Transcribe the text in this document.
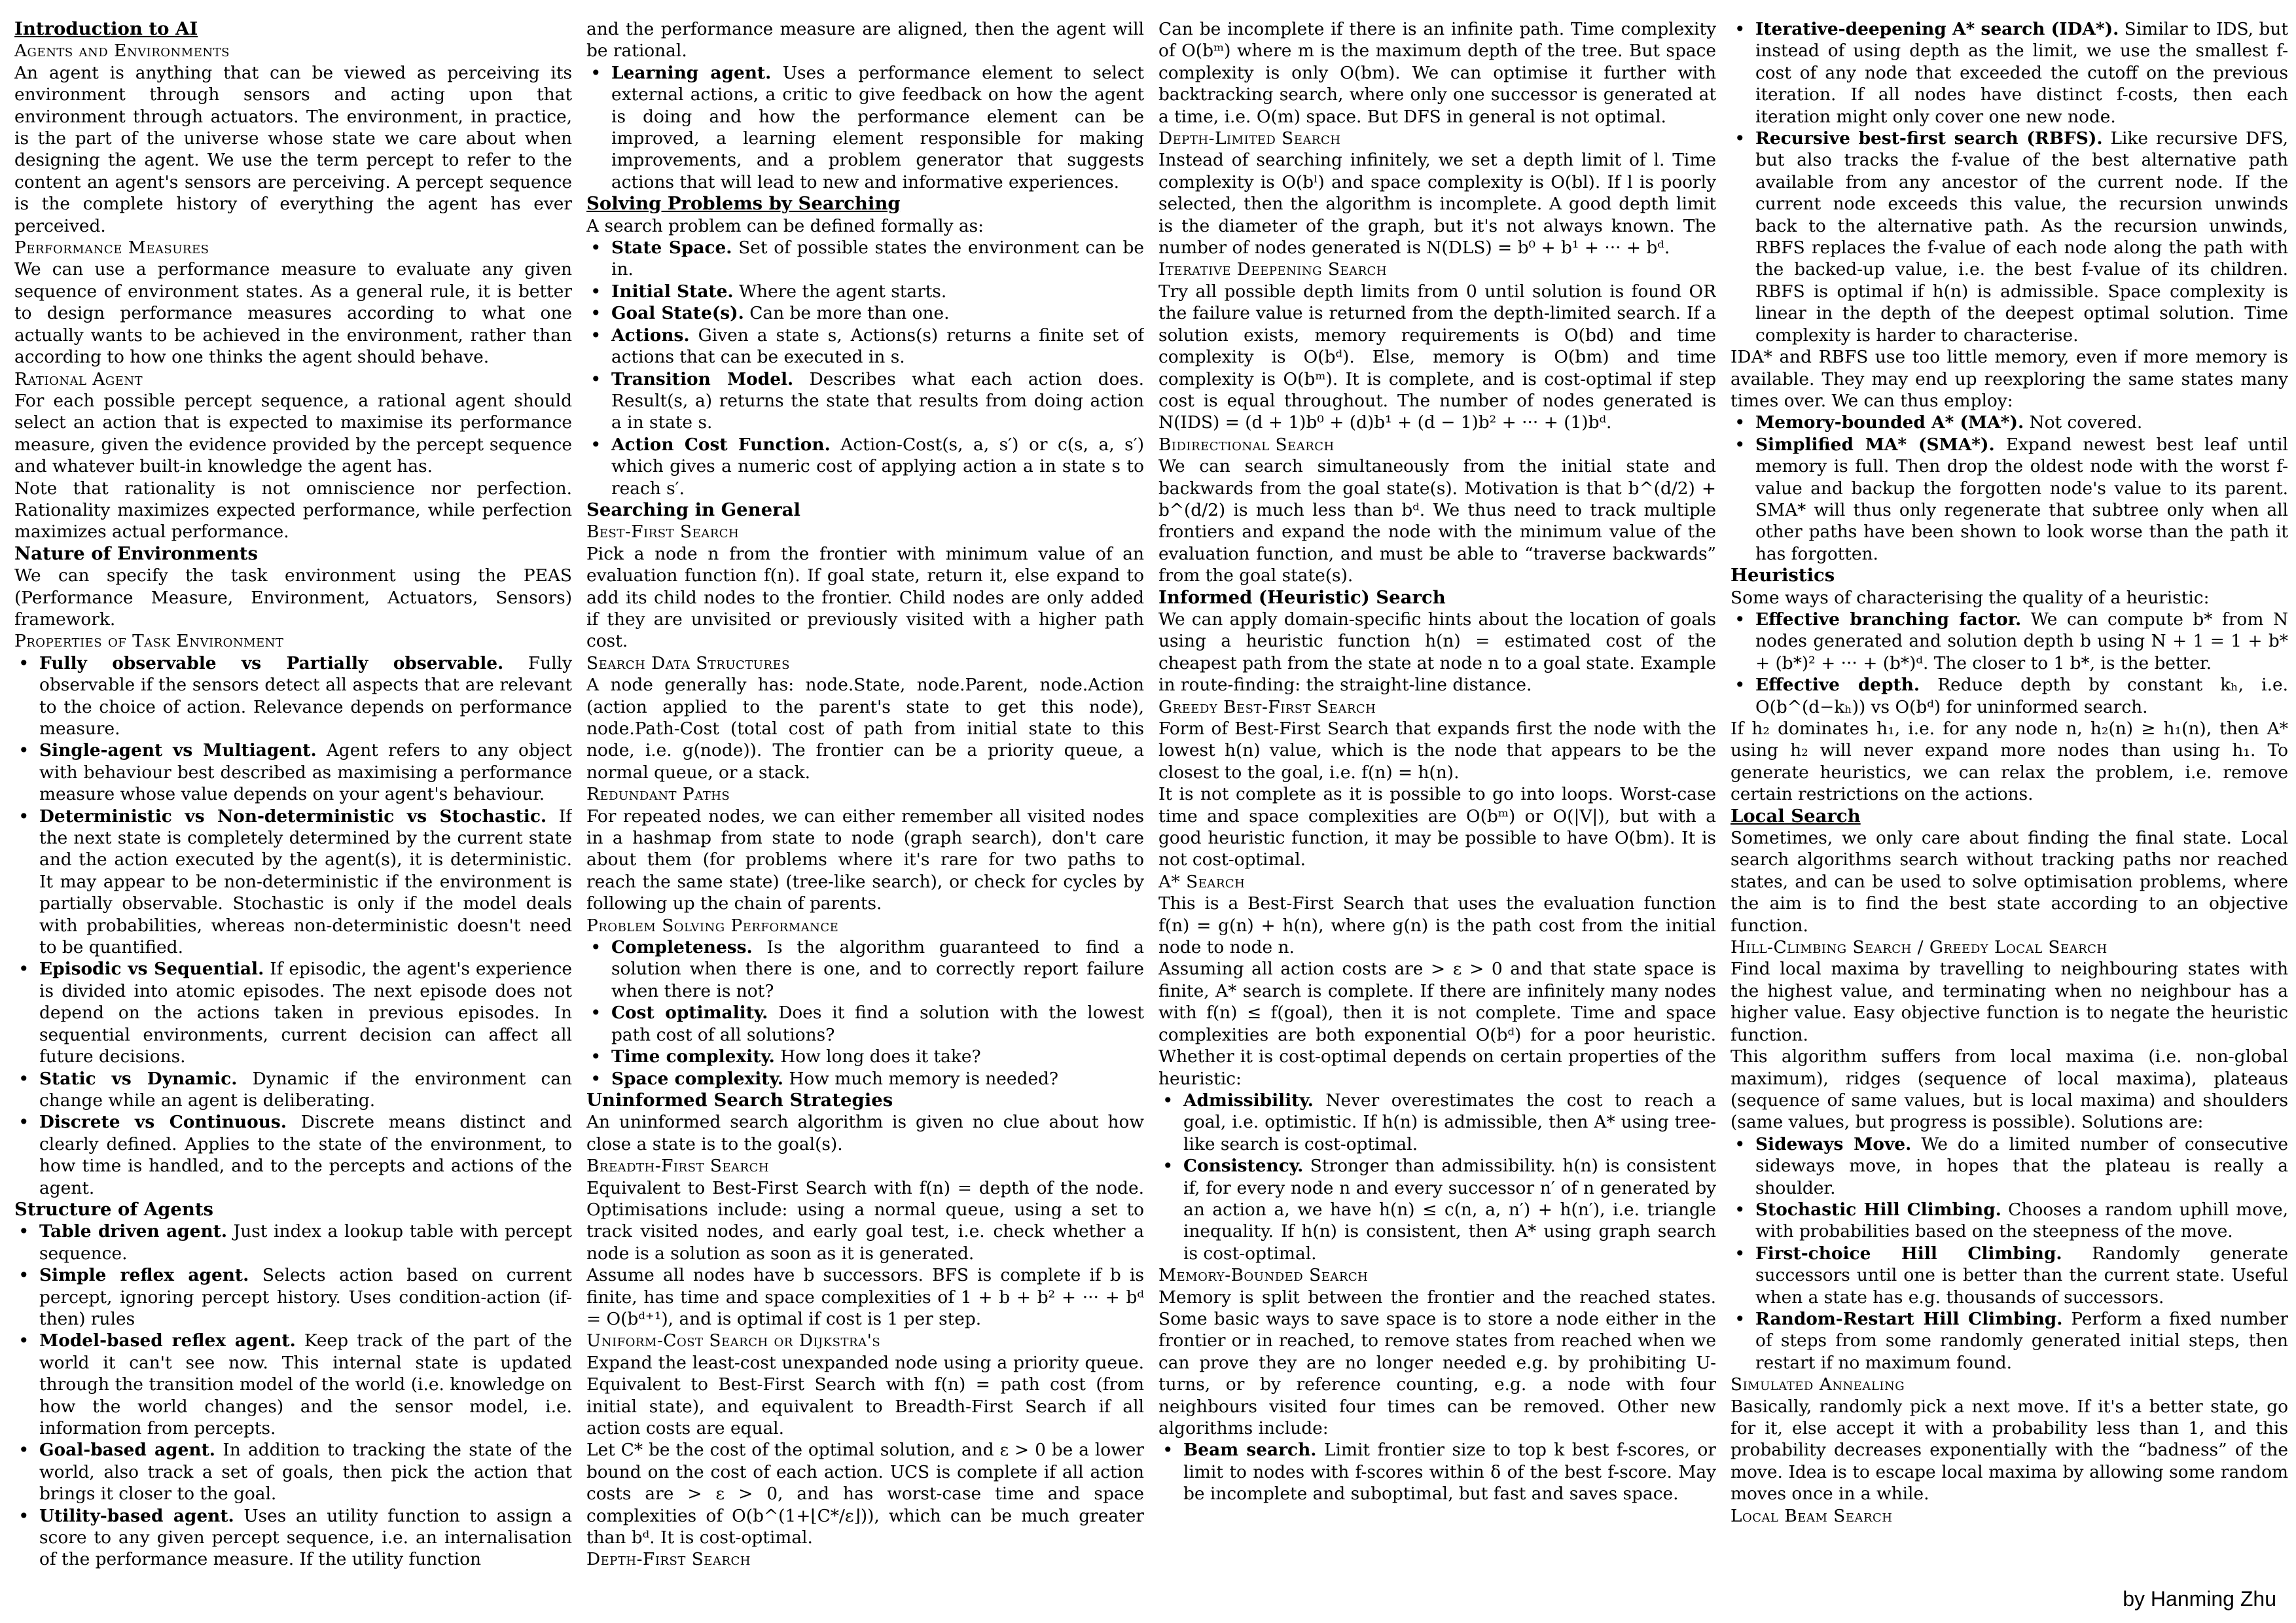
Introduction to AI
Agents and Environments
An agent is anything that can be viewed as perceiving its environment through sensors and acting upon that environment through actuators. The environment, in practice, is the part of the universe whose state we care about when designing the agent. We use the term percept to refer to the content an agent's sensors are perceiving. A percept sequence is the complete history of everything the agent has ever perceived.
Performance Measures
We can use a performance measure to evaluate any given sequence of environment states. As a general rule, it is better to design performance measures according to what one actually wants to be achieved in the environment, rather than according to how one thinks the agent should behave.
Rational Agent
For each possible percept sequence, a rational agent should select an action that is expected to maximise its performance measure, given the evidence provided by the percept sequence and whatever built-in knowledge the agent has.
Note that rationality is not omniscience nor perfection. Rationality maximizes expected performance, while perfection maximizes actual performance.
Nature of Environments
We can specify the task environment using the PEAS (Performance Measure, Environment, Actuators, Sensors) framework.
Properties of Task Environment
• Fully observable vs Partially observable. Fully observable if the sensors detect all aspects that are relevant to the choice of action. Relevance depends on performance measure.
• Single-agent vs Multiagent. Agent refers to any object with behaviour best described as maximising a performance measure whose value depends on your agent's behaviour.
• Deterministic vs Non-deterministic vs Stochastic. If the next state is completely determined by the current state and the action executed by the agent(s), it is deterministic. It may appear to be non-deterministic if the environment is partially observable. Stochastic is only if the model deals with probabilities, whereas non-deterministic doesn't need to be quantified.
• Episodic vs Sequential. If episodic, the agent's experience is divided into atomic episodes. The next episode does not depend on the actions taken in previous episodes. In sequential environments, current decision can affect all future decisions.
• Static vs Dynamic. Dynamic if the environment can change while an agent is deliberating.
• Discrete vs Continuous. Discrete means distinct and clearly defined. Applies to the state of the environment, to how time is handled, and to the percepts and actions of the agent.
Structure of Agents
• Table driven agent. Just index a lookup table with percept sequence.
• Simple reflex agent. Selects action based on current percept, ignoring percept history. Uses condition-action (if-then) rules
• Model-based reflex agent. Keep track of the part of the world it can't see now. This internal state is updated through the transition model of the world (i.e. knowledge on how the world changes) and the sensor model, i.e. information from percepts.
• Goal-based agent. In addition to tracking the state of the world, also track a set of goals, then pick the action that brings it closer to the goal.
• Utility-based agent. Uses an utility function to assign a score to any given percept sequence, i.e. an internalisation of the performance measure. If the utility function
and the performance measure are aligned, then the agent will be rational.
• Learning agent. Uses a performance element to select external actions, a critic to give feedback on how the agent is doing and how the performance element can be improved, a learning element responsible for making improvements, and a problem generator that suggests actions that will lead to new and informative experiences.
Solving Problems by Searching
A search problem can be defined formally as:
• State Space. Set of possible states the environment can be in.
• Initial State. Where the agent starts.
• Goal State(s). Can be more than one.
• Actions. Given a state s, Actions(s) returns a finite set of actions that can be executed in s.
• Transition Model. Describes what each action does. Result(s, a) returns the state that results from doing action a in state s.
• Action Cost Function. Action-Cost(s, a, s′) or c(s, a, s′) which gives a numeric cost of applying action a in state s to reach s′.
Searching in General
Best-First Search
Pick a node n from the frontier with minimum value of an evaluation function f(n). If goal state, return it, else expand to add its child nodes to the frontier. Child nodes are only added if they are unvisited or previously visited with a higher path cost.
Search Data Structures
A node generally has: node.State, node.Parent, node.Action (action applied to the parent's state to get this node), node.Path-Cost (total cost of path from initial state to this node, i.e. g(node)). The frontier can be a priority queue, a normal queue, or a stack.
Redundant Paths
For repeated nodes, we can either remember all visited nodes in a hashmap from state to node (graph search), don't care about them (for problems where it's rare for two paths to reach the same state) (tree-like search), or check for cycles by following up the chain of parents.
Problem Solving Performance
• Completeness. Is the algorithm guaranteed to find a solution when there is one, and to correctly report failure when there is not?
• Cost optimality. Does it find a solution with the lowest path cost of all solutions?
• Time complexity. How long does it take?
• Space complexity. How much memory is needed?
Uninformed Search Strategies
An uninformed search algorithm is given no clue about how close a state is to the goal(s).
Breadth-First Search
Equivalent to Best-First Search with f(n) = depth of the node. Optimisations include: using a normal queue, using a set to track visited nodes, and early goal test, i.e. check whether a node is a solution as soon as it is generated.
Assume all nodes have b successors. BFS is complete if b is finite, has time and space complexities of 1 + b + b² + ··· + bᵈ = O(bᵈ⁺¹), and is optimal if cost is 1 per step.
Uniform-Cost Search or Dijkstra's
Expand the least-cost unexpanded node using a priority queue. Equivalent to Best-First Search with f(n) = path cost (from initial state), and equivalent to Breadth-First Search if all action costs are equal.
Let C* be the cost of the optimal solution, and ε > 0 be a lower bound on the cost of each action. UCS is complete if all action costs are > ε > 0, and has worst-case time and space complexities of O(b^(1+⌊C*/ε⌋)), which can be much greater than bᵈ. It is cost-optimal.
Depth-First Search
Can be incomplete if there is an infinite path. Time complexity of O(bᵐ) where m is the maximum depth of the tree. But space complexity is only O(bm). We can optimise it further with backtracking search, where only one successor is generated at a time, i.e. O(m) space. But DFS in general is not optimal.
Depth-Limited Search
Instead of searching infinitely, we set a depth limit of l. Time complexity is O(bˡ) and space complexity is O(bl). If l is poorly selected, then the algorithm is incomplete. A good depth limit is the diameter of the graph, but it's not always known. The number of nodes generated is N(DLS) = b⁰ + b¹ + ··· + bᵈ.
Iterative Deepening Search
Try all possible depth limits from 0 until solution is found OR the failure value is returned from the depth-limited search. If a solution exists, memory requirements is O(bd) and time complexity is O(bᵈ). Else, memory is O(bm) and time complexity is O(bᵐ). It is complete, and is cost-optimal if step cost is equal throughout. The number of nodes generated is N(IDS) = (d + 1)b⁰ + (d)b¹ + (d − 1)b² + ··· + (1)bᵈ.
Bidirectional Search
We can search simultaneously from the initial state and backwards from the goal state(s). Motivation is that b^(d/2) + b^(d/2) is much less than bᵈ. We thus need to track multiple frontiers and expand the node with the minimum value of the evaluation function, and must be able to “traverse backwards” from the goal state(s).
Informed (Heuristic) Search
We can apply domain-specific hints about the location of goals using a heuristic function h(n) = estimated cost of the cheapest path from the state at node n to a goal state. Example in route-finding: the straight-line distance.
Greedy Best-First Search
Form of Best-First Search that expands first the node with the lowest h(n) value, which is the node that appears to be the closest to the goal, i.e. f(n) = h(n).
It is not complete as it is possible to go into loops. Worst-case time and space complexities are O(bᵐ) or O(|V|), but with a good heuristic function, it may be possible to have O(bm). It is not cost-optimal.
A* Search
This is a Best-First Search that uses the evaluation function f(n) = g(n) + h(n), where g(n) is the path cost from the initial node to node n.
Assuming all action costs are > ε > 0 and that state space is finite, A* search is complete. If there are infinitely many nodes with f(n) ≤ f(goal), then it is not complete. Time and space complexities are both exponential O(bᵈ) for a poor heuristic. Whether it is cost-optimal depends on certain properties of the heuristic:
• Admissibility. Never overestimates the cost to reach a goal, i.e. optimistic. If h(n) is admissible, then A* using tree-like search is cost-optimal.
• Consistency. Stronger than admissibility. h(n) is consistent if, for every node n and every successor n′ of n generated by an action a, we have h(n) ≤ c(n, a, n′) + h(n′), i.e. triangle inequality. If h(n) is consistent, then A* using graph search is cost-optimal.
Memory-Bounded Search
Memory is split between the frontier and the reached states. Some basic ways to save space is to store a node either in the frontier or in reached, to remove states from reached when we can prove they are no longer needed e.g. by prohibiting U-turns, or by reference counting, e.g. a node with four neighbours visited four times can be removed. Other new algorithms include:
• Beam search. Limit frontier size to top k best f-scores, or limit to nodes with f-scores within δ of the best f-score. May be incomplete and suboptimal, but fast and saves space.
• Iterative-deepening A* search (IDA*). Similar to IDS, but instead of using depth as the limit, we use the smallest f-cost of any node that exceeded the cutoff on the previous iteration. If all nodes have distinct f-costs, then each iteration might only cover one new node.
• Recursive best-first search (RBFS). Like recursive DFS, but also tracks the f-value of the best alternative path available from any ancestor of the current node. If the current node exceeds this value, the recursion unwinds back to the alternative path. As the recursion unwinds, RBFS replaces the f-value of each node along the path with the backed-up value, i.e. the best f-value of its children. RBFS is optimal if h(n) is admissible. Space complexity is linear in the depth of the deepest optimal solution. Time complexity is harder to characterise.
IDA* and RBFS use too little memory, even if more memory is available. They may end up reexploring the same states many times over. We can thus employ:
• Memory-bounded A* (MA*). Not covered.
• Simplified MA* (SMA*). Expand newest best leaf until memory is full. Then drop the oldest node with the worst f-value and backup the forgotten node's value to its parent. SMA* will thus only regenerate that subtree only when all other paths have been shown to look worse than the path it has forgotten.
Heuristics
Some ways of characterising the quality of a heuristic:
• Effective branching factor. We can compute b* from N nodes generated and solution depth b using N + 1 = 1 + b* + (b*)² + ··· + (b*)ᵈ. The closer to 1 b*, is the better.
• Effective depth. Reduce depth by constant kₕ, i.e. O(b^(d−kₕ)) vs O(bᵈ) for uninformed search.
If h₂ dominates h₁, i.e. for any node n, h₂(n) ≥ h₁(n), then A* using h₂ will never expand more nodes than using h₁. To generate heuristics, we can relax the problem, i.e. remove certain restrictions on the actions.
Local Search
Sometimes, we only care about finding the final state. Local search algorithms search without tracking paths nor reached states, and can be used to solve optimisation problems, where the aim is to find the best state according to an objective function.
Hill-Climbing Search / Greedy Local Search
Find local maxima by travelling to neighbouring states with the highest value, and terminating when no neighbour has a higher value. Easy objective function is to negate the heuristic function.
This algorithm suffers from local maxima (i.e. non-global maximum), ridges (sequence of local maxima), plateaus (sequence of same values, but is local maxima) and shoulders (same values, but progress is possible). Solutions are:
• Sideways Move. We do a limited number of consecutive sideways move, in hopes that the plateau is really a shoulder.
• Stochastic Hill Climbing. Chooses a random uphill move, with probabilities based on the steepness of the move.
• First-choice Hill Climbing. Randomly generate successors until one is better than the current state. Useful when a state has e.g. thousands of successors.
• Random-Restart Hill Climbing. Perform a fixed number of steps from some randomly generated initial steps, then restart if no maximum found.
Simulated Annealing
Basically, randomly pick a next move. If it's a better state, go for it, else accept it with a probability less than 1, and this probability decreases exponentially with the “badness” of the move. Idea is to escape local maxima by allowing some random moves once in a while.
Local Beam Search
by Hanming Zhu
